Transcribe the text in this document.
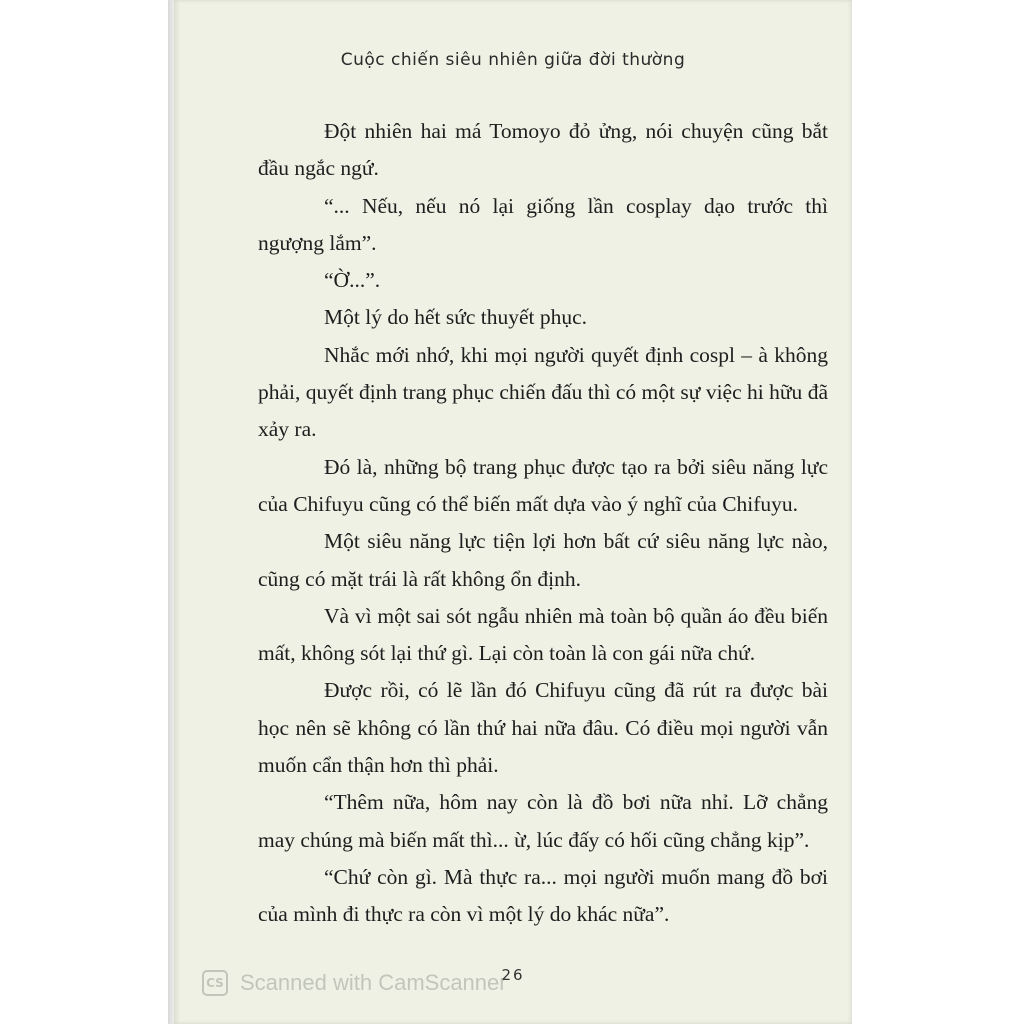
Cuộc chiến siêu nhiên giữa đời thường

Đột nhiên hai má Tomoyo đỏ ửng, nói chuyện cũng bắt đầu ngắc ngứ.

“... Nếu, nếu nó lại giống lần cosplay dạo trước thì ngượng lắm”.

“Ờ...”.

Một lý do hết sức thuyết phục.

Nhắc mới nhớ, khi mọi người quyết định cospl – à không phải, quyết định trang phục chiến đấu thì có một sự việc hi hữu đã xảy ra.

Đó là, những bộ trang phục được tạo ra bởi siêu năng lực của Chifuyu cũng có thể biến mất dựa vào ý nghĩ của Chifuyu.

Một siêu năng lực tiện lợi hơn bất cứ siêu năng lực nào, cũng có mặt trái là rất không ổn định.

Và vì một sai sót ngẫu nhiên mà toàn bộ quần áo đều biến mất, không sót lại thứ gì. Lại còn toàn là con gái nữa chứ.

Được rồi, có lẽ lần đó Chifuyu cũng đã rút ra được bài học nên sẽ không có lần thứ hai nữa đâu. Có điều mọi người vẫn muốn cẩn thận hơn thì phải.

“Thêm nữa, hôm nay còn là đồ bơi nữa nhỉ. Lỡ chẳng may chúng mà biến mất thì... ừ, lúc đấy có hối cũng chẳng kịp”.

“Chứ còn gì. Mà thực ra... mọi người muốn mang đồ bơi của mình đi thực ra còn vì một lý do khác nữa”.

26
CS Scanned with CamScanner
